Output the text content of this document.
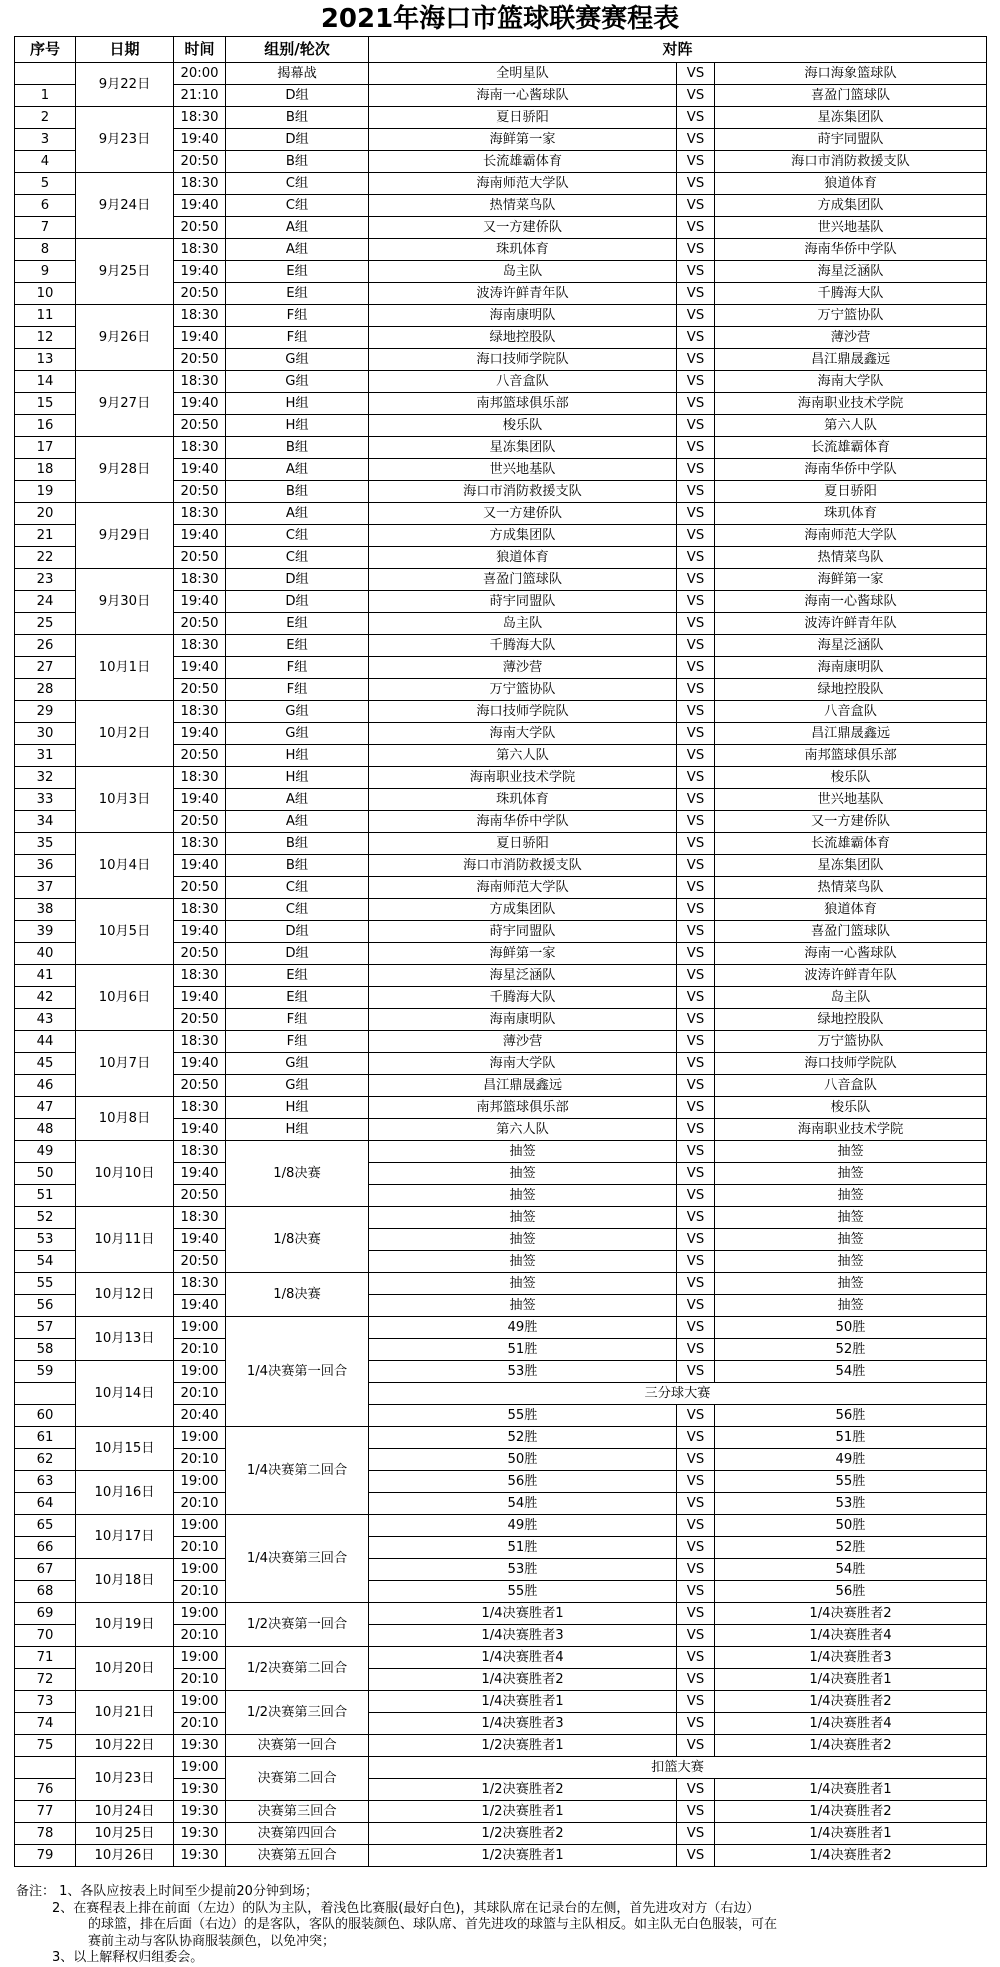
2021年海口市篮球联赛赛程表
序号	日期	时间	组别/轮次	对阵		
	9月22日	20:00	揭幕战	全明星队	VS	海口海象篮球队
1		21:10	D组	海南一心酱球队	VS	喜盈门篮球队
2	9月23日	18:30	B组	夏日骄阳	VS	星冻集团队
3		19:40	D组	海鲜第一家	VS	莳宇同盟队
4		20:50	B组	长流雄霸体育	VS	海口市消防救援支队
5	9月24日	18:30	C组	海南师范大学队	VS	狼道体育
6		19:40	C组	热情菜鸟队	VS	方成集团队
7		20:50	A组	又一方建侨队	VS	世兴地基队
8	9月25日	18:30	A组	珠玑体育	VS	海南华侨中学队
9		19:40	E组	岛主队	VS	海星泛涵队
10		20:50	E组	波涛许鲜青年队	VS	千腾海大队
11	9月26日	18:30	F组	海南康明队	VS	万宁篮协队
12		19:40	F组	绿地控股队	VS	薄沙营
13		20:50	G组	海口技师学院队	VS	昌江鼎晟鑫远
14	9月27日	18:30	G组	八音盒队	VS	海南大学队
15		19:40	H组	南邦篮球俱乐部	VS	海南职业技术学院
16		20:50	H组	梭乐队	VS	第六人队
17	9月28日	18:30	B组	星冻集团队	VS	长流雄霸体育
18		19:40	A组	世兴地基队	VS	海南华侨中学队
19		20:50	B组	海口市消防救援支队	VS	夏日骄阳
20	9月29日	18:30	A组	又一方建侨队	VS	珠玑体育
21		19:40	C组	方成集团队	VS	海南师范大学队
22		20:50	C组	狼道体育	VS	热情菜鸟队
23	9月30日	18:30	D组	喜盈门篮球队	VS	海鲜第一家
24		19:40	D组	莳宇同盟队	VS	海南一心酱球队
25		20:50	E组	岛主队	VS	波涛许鲜青年队
26	10月1日	18:30	E组	千腾海大队	VS	海星泛涵队
27		19:40	F组	薄沙营	VS	海南康明队
28		20:50	F组	万宁篮协队	VS	绿地控股队
29	10月2日	18:30	G组	海口技师学院队	VS	八音盒队
30		19:40	G组	海南大学队	VS	昌江鼎晟鑫远
31		20:50	H组	第六人队	VS	南邦篮球俱乐部
32	10月3日	18:30	H组	海南职业技术学院	VS	梭乐队
33		19:40	A组	珠玑体育	VS	世兴地基队
34		20:50	A组	海南华侨中学队	VS	又一方建侨队
35	10月4日	18:30	B组	夏日骄阳	VS	长流雄霸体育
36		19:40	B组	海口市消防救援支队	VS	星冻集团队
37		20:50	C组	海南师范大学队	VS	热情菜鸟队
38	10月5日	18:30	C组	方成集团队	VS	狼道体育
39		19:40	D组	莳宇同盟队	VS	喜盈门篮球队
40		20:50	D组	海鲜第一家	VS	海南一心酱球队
41	10月6日	18:30	E组	海星泛涵队	VS	波涛许鲜青年队
42		19:40	E组	千腾海大队	VS	岛主队
43		20:50	F组	海南康明队	VS	绿地控股队
44	10月7日	18:30	F组	薄沙营	VS	万宁篮协队
45		19:40	G组	海南大学队	VS	海口技师学院队
46		20:50	G组	昌江鼎晟鑫远	VS	八音盒队
47	10月8日	18:30	H组	南邦篮球俱乐部	VS	梭乐队
48		19:40	H组	第六人队	VS	海南职业技术学院
49	10月10日	18:30	1/8决赛	抽签	VS	抽签
50		19:40		抽签	VS	抽签
51		20:50		抽签	VS	抽签
52	10月11日	18:30	1/8决赛	抽签	VS	抽签
53		19:40		抽签	VS	抽签
54		20:50		抽签	VS	抽签
55	10月12日	18:30	1/8决赛	抽签	VS	抽签
56		19:40		抽签	VS	抽签
57	10月13日	19:00	1/4决赛第一回合	49胜	VS	50胜
58		20:10		51胜	VS	52胜
59	10月14日	19:00		53胜	VS	54胜
		20:10		三分球大赛		
60		20:40		55胜	VS	56胜
61	10月15日	19:00	1/4决赛第二回合	52胜	VS	51胜
62		20:10		50胜	VS	49胜
63	10月16日	19:00		56胜	VS	55胜
64		20:10		54胜	VS	53胜
65	10月17日	19:00	1/4决赛第三回合	49胜	VS	50胜
66		20:10		51胜	VS	52胜
67	10月18日	19:00		53胜	VS	54胜
68		20:10		55胜	VS	56胜
69	10月19日	19:00	1/2决赛第一回合	1/4决赛胜者1	VS	1/4决赛胜者2
70		20:10		1/4决赛胜者3	VS	1/4决赛胜者4
71	10月20日	19:00	1/2决赛第二回合	1/4决赛胜者4	VS	1/4决赛胜者3
72		20:10		1/4决赛胜者2	VS	1/4决赛胜者1
73	10月21日	19:00	1/2决赛第三回合	1/4决赛胜者1	VS	1/4决赛胜者2
74		20:10		1/4决赛胜者3	VS	1/4决赛胜者4
75	10月22日	19:30	决赛第一回合	1/2决赛胜者1	VS	1/4决赛胜者2
	10月23日	19:00	决赛第二回合	扣篮大赛		
76		19:30		1/2决赛胜者2	VS	1/4决赛胜者1
77	10月24日	19:30	决赛第三回合	1/2决赛胜者1	VS	1/4决赛胜者2
78	10月25日	19:30	决赛第四回合	1/2决赛胜者2	VS	1/4决赛胜者1
79	10月26日	19:30	决赛第五回合	1/2决赛胜者1	VS	1/4决赛胜者2
备注： 1、各队应按表上时间至少提前20分钟到场；
2、在赛程表上排在前面（左边）的队为主队，着浅色比赛服(最好白色)，其球队席在记录台的左侧，首先进攻对方（右边）
的球篮，排在后面（右边）的是客队，客队的服装颜色、球队席、首先进攻的球篮与主队相反。如主队无白色服装，可在
赛前主动与客队协商服装颜色，以免冲突；
3、以上解释权归组委会。
